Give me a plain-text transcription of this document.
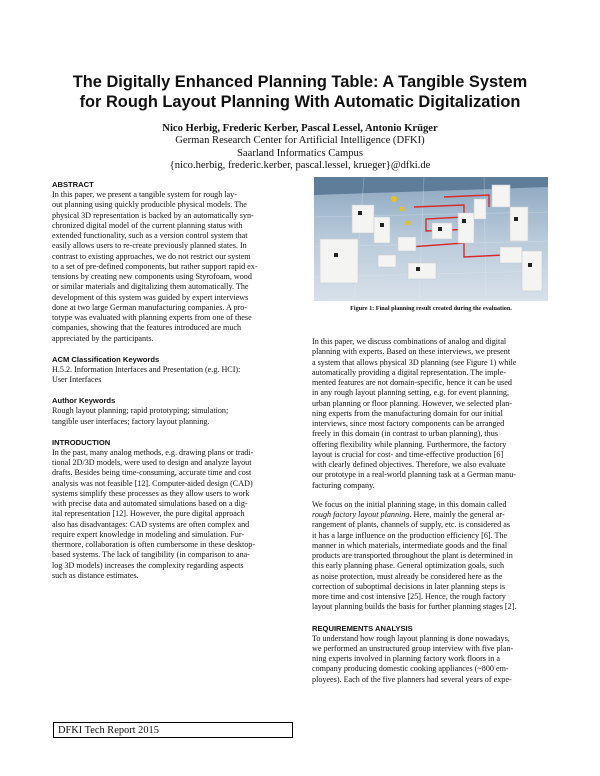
The Digitally Enhanced Planning Table: A Tangible System
for Rough Layout Planning With Automatic Digitalization
Nico Herbig, Frederic Kerber, Pascal Lessel, Antonio Krüger
German Research Center for Artificial Intelligence (DFKI)
Saarland Informatics Campus
{nico.herbig, frederic.kerber, pascal.lessel, krueger}@dfki.de
ABSTRACT
In this paper, we present a tangible system for rough lay-
out planning using quickly producible physical models. The
physical 3D representation is backed by an automatically syn-
chronized digital model of the current planning status with
extended functionality, such as a version control system that
easily allows users to re-create previously planned states. In
contrast to existing approaches, we do not restrict our system
to a set of pre-defined components, but rather support rapid ex-
tensions by creating new components using Styrofoam, wood
or similar materials and digitalizing them automatically. The
development of this system was guided by expert interviews
done at two large German manufacturing companies. A pro-
totype was evaluated with planning experts from one of these
companies, showing that the features introduced are much
appreciated by the participants.
ACM Classification Keywords
H.5.2. Information Interfaces and Presentation (e.g. HCI):
User Interfaces
Author Keywords
Rough layout planning; rapid prototyping; simulation;
tangible user interfaces; factory layout planning.
INTRODUCTION
In the past, many analog methods, e.g. drawing plans or tradi-
tional 2D/3D models, were used to design and analyze layout
drafts. Besides being time-consuming, accurate time and cost
analysis was not feasible [12]. Computer-aided design (CAD)
systems simplify these processes as they allow users to work
with precise data and automated simulations based on a dig-
ital representation [12]. However, the pure digital approach
also has disadvantages: CAD systems are often complex and
require expert knowledge in modeling and simulation. Fur-
thermore, collaboration is often cumbersome in these desktop-
based systems. The lack of tangibility (in comparison to ana-
log 3D models) increases the complexity regarding aspects
such as distance estimates.
Figure 1: Final planning result created during the evaluation.
In this paper, we discuss combinations of analog and digital
planning with experts. Based on these interviews, we present
a system that allows physical 3D planning (see Figure 1) while
automatically providing a digital representation. The imple-
mented features are not domain-specific, hence it can be used
in any rough layout planning setting, e.g. for event planning,
urban planning or floor planning. However, we selected plan-
ning experts from the manufacturing domain for our initial
interviews, since most factory components can be arranged
freely in this domain (in contrast to urban planning), thus
offering flexibility while planning. Furthermore, the factory
layout is crucial for cost- and time-effective production [6]
with clearly defined objectives. Therefore, we also evaluate
our prototype in a real-world planning task at a German manu-
facturing company.
We focus on the initial planning stage, in this domain called
rough factory layout planning. Here, mainly the general ar-
rangement of plants, channels of supply, etc. is considered as
it has a large influence on the production efficiency [6]. The
manner in which materials, intermediate goods and the final
products are transported throughout the plant is determined in
this early planning phase. General optimization goals, such
as noise protection, must already be considered here as the
correction of suboptimal decisions in later planning steps is
more time and cost intensive [25]. Hence, the rough factory
layout planning builds the basis for further planning stages [2].
REQUIREMENTS ANALYSIS
To understand how rough layout planning is done nowadays,
we performed an unstructured group interview with five plan-
ning experts involved in planning factory work floors in a
company producing domestic cooking appliances (~800 em-
ployees). Each of the five planners had several years of expe-
DFKI Tech Report 2015
